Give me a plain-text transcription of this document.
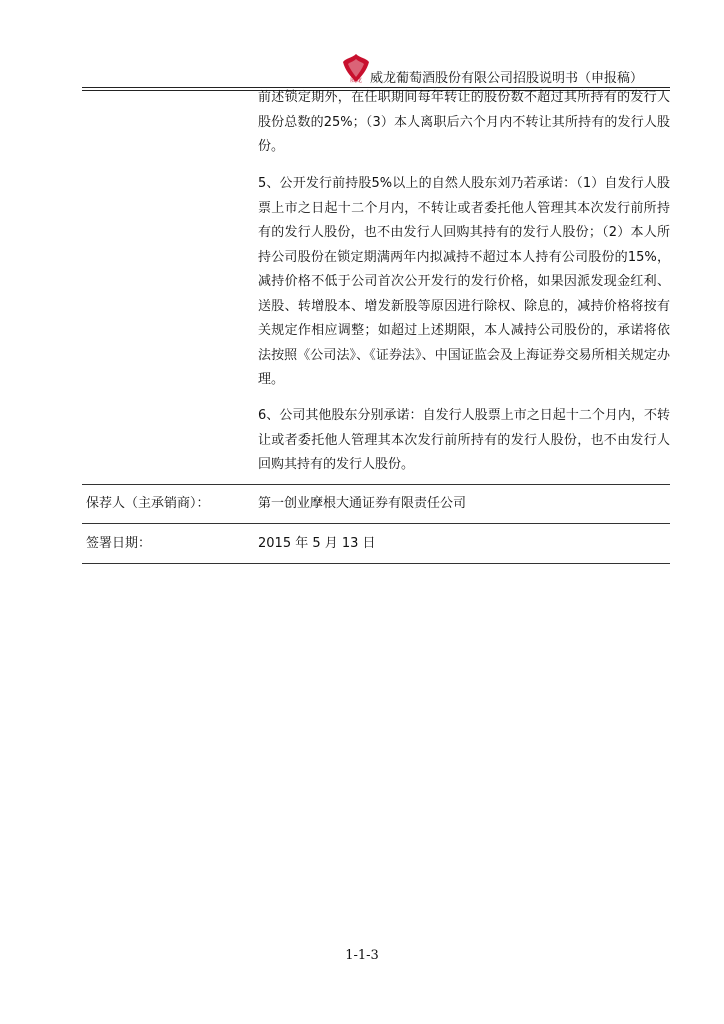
威龙 威龙葡萄酒股份有限公司招股说明书（申报稿）

前述锁定期外，在任职期间每年转让的股份数不超过其所持有的发行人股份总数的25%；（3）本人离职后六个月内不转让其所持有的发行人股份。

5、公开发行前持股5%以上的自然人股东刘乃若承诺：（1）自发行人股票上市之日起十二个月内，不转让或者委托他人管理其本次发行前所持有的发行人股份，也不由发行人回购其持有的发行人股份；（2）本人所持公司股份在锁定期满两年内拟减持不超过本人持有公司股份的15%，减持价格不低于公司首次公开发行的发行价格，如果因派发现金红利、送股、转增股本、增发新股等原因进行除权、除息的，减持价格将按有关规定作相应调整；如超过上述期限，本人减持公司股份的，承诺将依法按照《公司法》、《证券法》、中国证监会及上海证券交易所相关规定办理。

6、公司其他股东分别承诺：自发行人股票上市之日起十二个月内，不转让或者委托他人管理其本次发行前所持有的发行人股份，也不由发行人回购其持有的发行人股份。

保荐人（主承销商）：	第一创业摩根大通证券有限责任公司
签署日期：	2015 年 5 月 13 日
1-1-3
